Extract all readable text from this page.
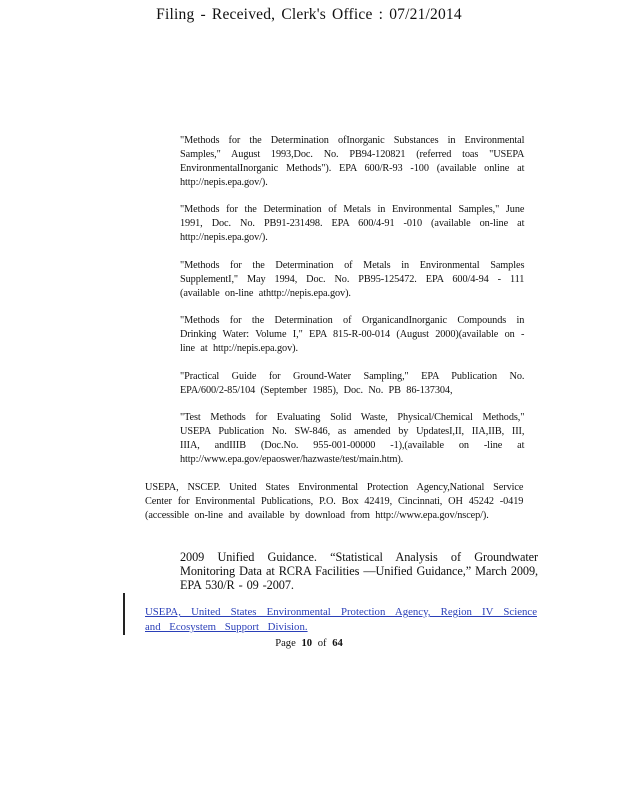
Filing - Received, Clerk's Office : 07/21/2014
"Methods for the Determination ofInorganic Substances in Environmental Samples," August 1993,Doc. No. PB94-120821 (referred toas "USEPA EnvironmentalInorganic Methods"). EPA 600/R-93 -100 (available online at http://nepis.epa.gov/).
"Methods for the Determination of Metals in Environmental Samples," June 1991, Doc. No. PB91-231498. EPA 600/4-91 -010 (available on-line at http://nepis.epa.gov/).
"Methods for the Determination of Metals in Environmental Samples SupplementI," May 1994, Doc. No. PB95-125472. EPA 600/4-94 - 111 (available on-line athttp://nepis.epa.gov).
"Methods for the Determination of OrganicandInorganic Compounds in Drinking Water: Volume I," EPA 815-R-00-014 (August 2000)(available on -line at http://nepis.epa.gov).
"Practical Guide for Ground-Water Sampling," EPA Publication No. EPA/600/2-85/104 (September 1985), Doc. No. PB 86-137304,
"Test Methods for Evaluating Solid Waste, Physical/Chemical Methods," USEPA Publication No. SW-846, as amended by UpdatesI,II, IIA,IIB, III, IIIA, andIIIB (Doc.No. 955-001-00000 -1),(available on -line at http://www.epa.gov/epaoswer/hazwaste/test/main.htm).
USEPA, NSCEP. United States Environmental Protection Agency,National Service Center for Environmental Publications, P.O. Box 42419, Cincinnati, OH 45242 -0419 (accessible on-line and available by download from http://www.epa.gov/nscep/).
2009 Unified Guidance. “Statistical Analysis of Groundwater Monitoring Data at RCRA Facilities —Unified Guidance,” March 2009, EPA 530/R - 09 -2007.
USEPA, United States Environmental Protection Agency, Region IV Science and Ecosystem Support Division.
Page 10 of 64
